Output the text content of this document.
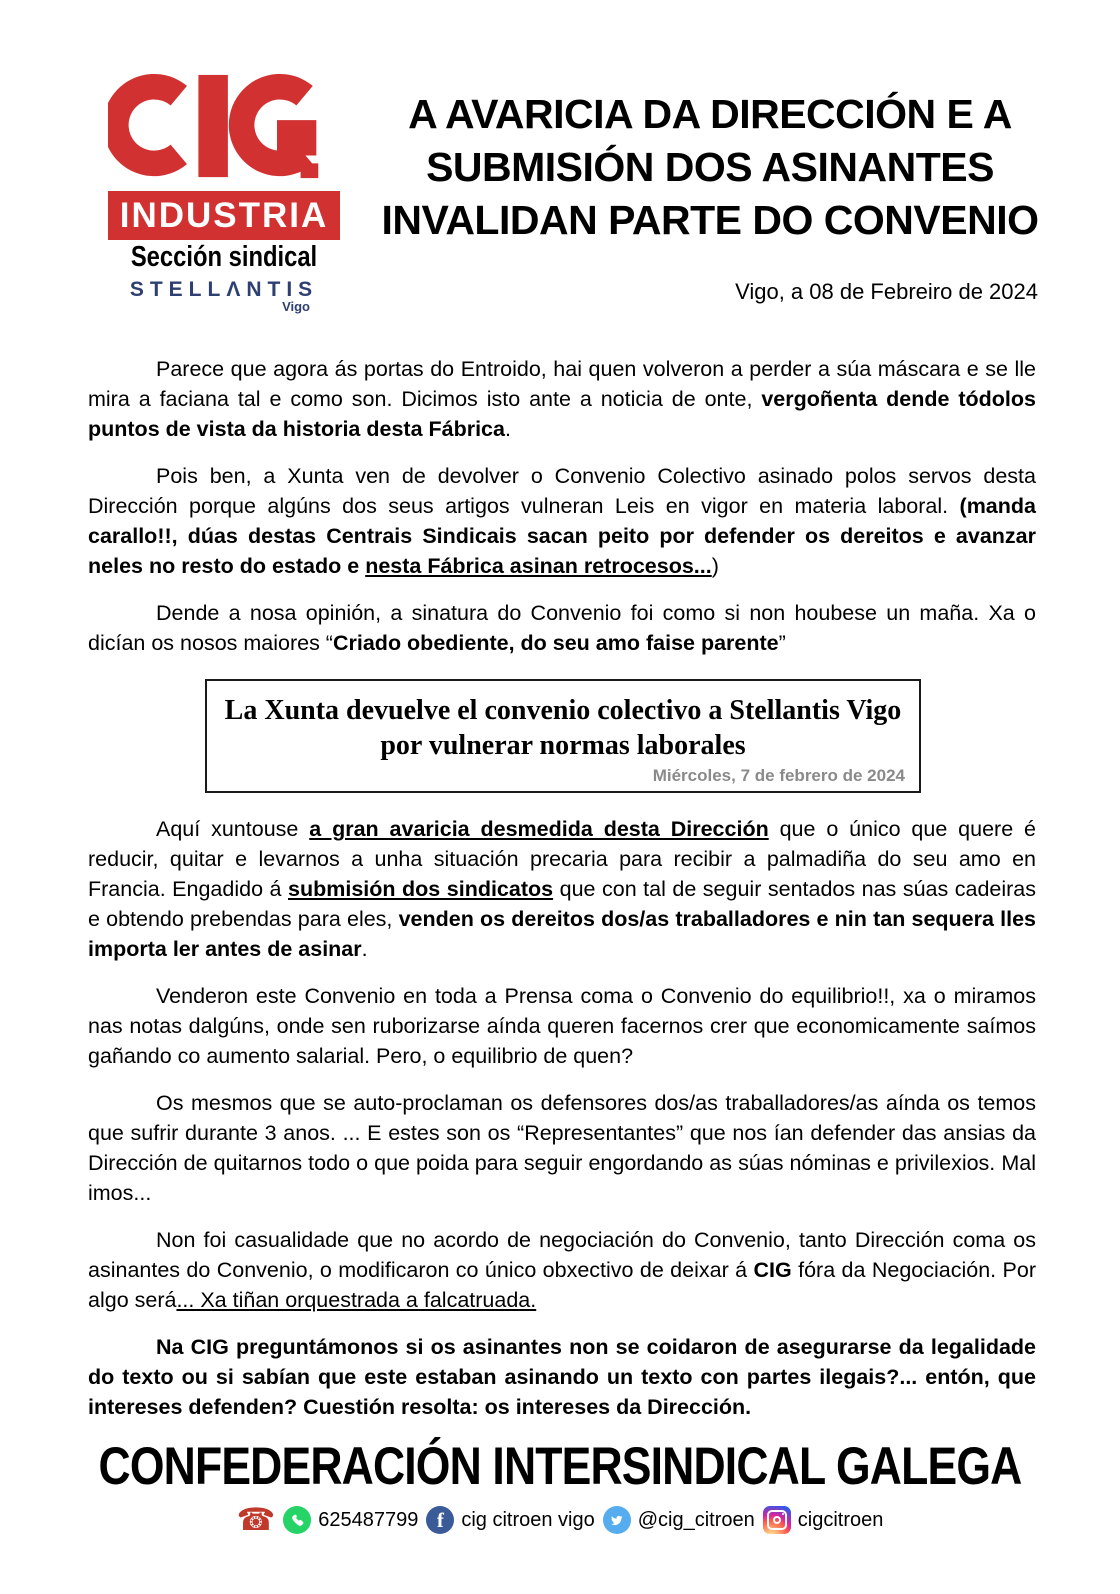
INDUSTRIA
Sección sindical
STELLΛNTIS
Vigo
A AVARICIA DA DIRECCIÓN E A
SUBMISIÓN DOS ASINANTES
INVALIDAN PARTE DO CONVENIO
Vigo, a 08 de Febreiro de 2024
Parece que agora ás portas do Entroido, hai quen volveron a perder a súa máscara e se lle mira a faciana tal e como son. Dicimos isto ante a noticia de onte, vergoñenta dende tódolos puntos de vista da historia desta Fábrica.
Pois ben, a Xunta ven de devolver o Convenio Colectivo asinado polos servos desta Dirección porque algúns dos seus artigos vulneran Leis en vigor en materia laboral. (manda carallo!!, dúas destas Centrais Sindicais sacan peito por defender os dereitos e avanzar neles no resto do estado e nesta Fábrica asinan retrocesos...)
Dende a nosa opinión, a sinatura do Convenio foi como si non houbese un maña. Xa o dicían os nosos maiores “Criado obediente, do seu amo faise parente”
La Xunta devuelve el convenio colectivo a Stellantis Vigo
por vulnerar normas laborales
Miércoles, 7 de febrero de 2024
Aquí xuntouse a gran avaricia desmedida desta Dirección que o único que quere é reducir, quitar e levarnos a unha situación precaria para recibir a palmadiña do seu amo en Francia. Engadido á submisión dos sindicatos que con tal de seguir sentados nas súas cadeiras e obtendo prebendas para eles, venden os dereitos dos/as traballadores e nin tan sequera lles importa ler antes de asinar.
Venderon este Convenio en toda a Prensa coma o Convenio do equilibrio!!, xa o miramos nas notas dalgúns, onde sen ruborizarse aínda queren facernos crer que economicamente saímos gañando co aumento salarial. Pero, o equilibrio de quen?
Os mesmos que se auto-proclaman os defensores dos/as traballadores/as aínda os temos que sufrir durante 3 anos. ... E estes son os “Representantes” que nos ían defender das ansias da Dirección de quitarnos todo o que poida para seguir engordando as súas nóminas e privilexios. Mal imos...
Non foi casualidade que no acordo de negociación do Convenio, tanto Dirección coma os asinantes do Convenio, o modificaron co único obxectivo de deixar á CIG fóra da Negociación. Por algo será... Xa tiñan orquestrada a falcatruada.
Na CIG preguntámonos si os asinantes non se coidaron de asegurarse da legalidade do texto ou si sabían que este estaban asinando un texto con partes ilegais?... entón, que intereses defenden? Cuestión resolta: os intereses da Dirección.
CONFEDERACIÓN INTERSINDICAL GALEGA
☎ 625487799 f cig citroen vigo @cig_citroen cigcitroen
